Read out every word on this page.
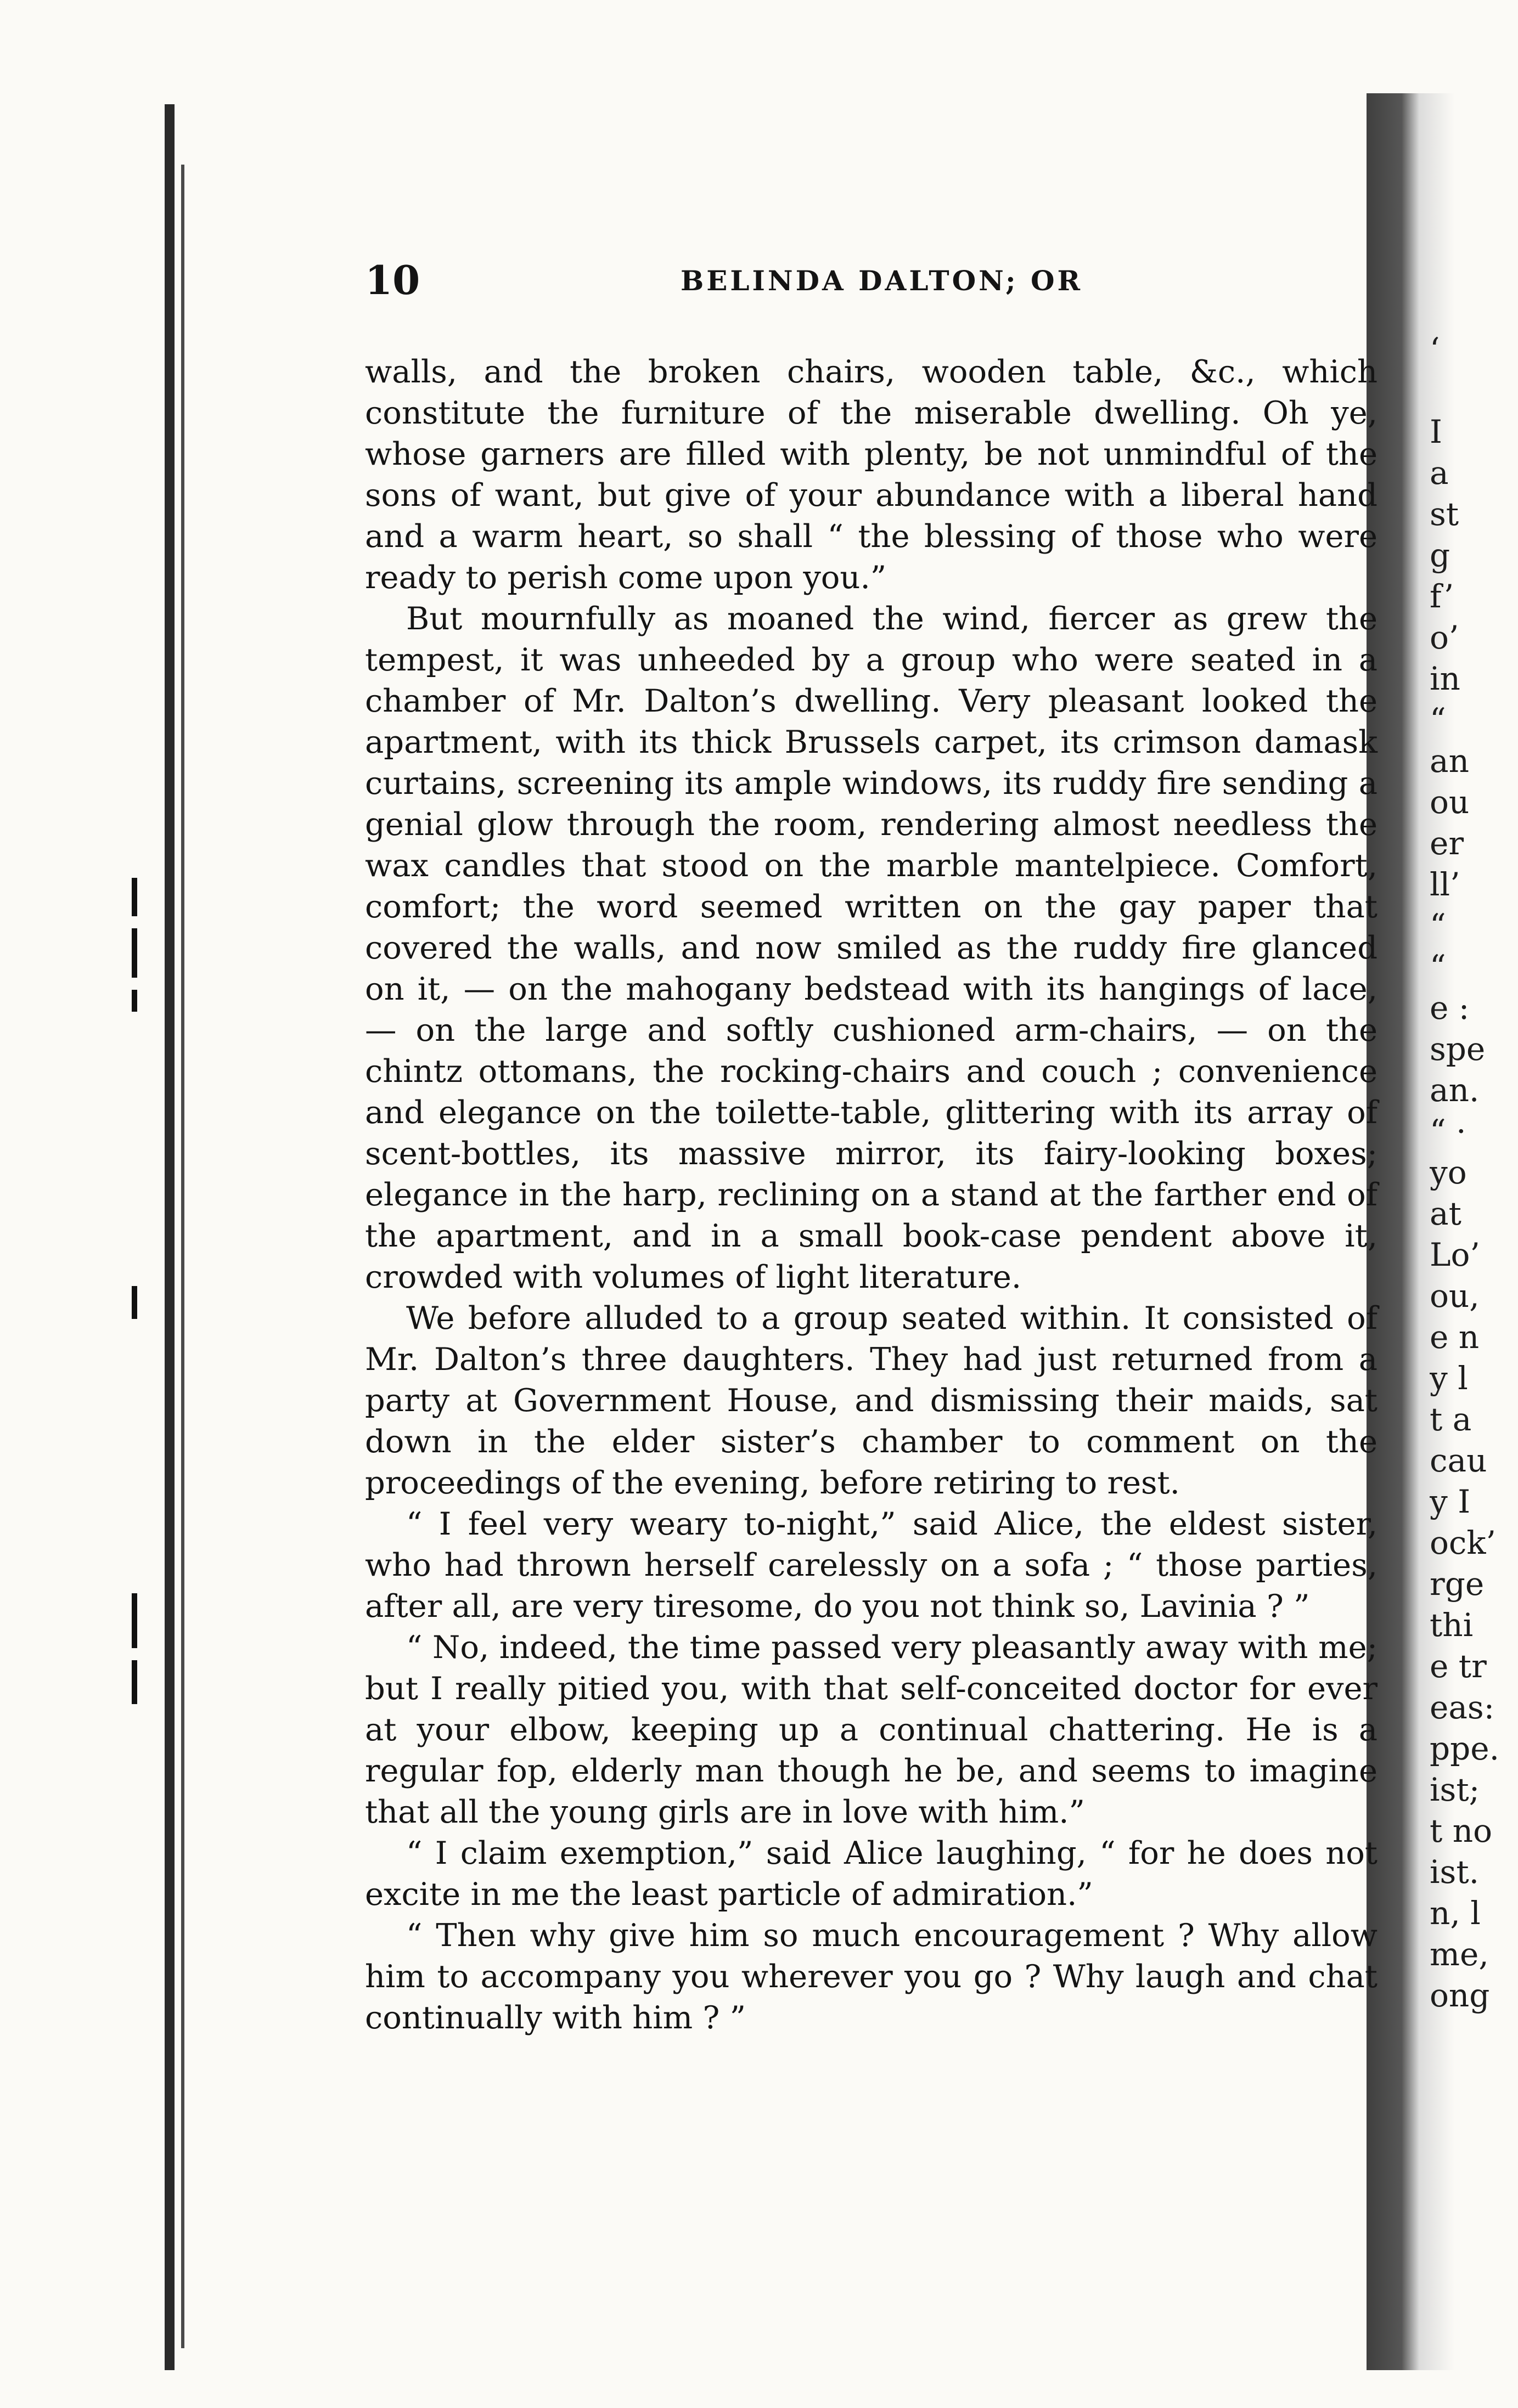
‘

I
a
st
g
f’
o’
in
“
an
ou
er
ll’
“
“
e :
spe
an.
“ ·
yo
at
Lo’
ou,
e n
y l
t a
cau
y I
ock’
rge
thi
e tr
eas:
ppe.
ist;
t no
ist.
n, l
me,
ong
10	BELINDA DALTON; OR

walls, and the broken chairs, wooden table, &c., which constitute the furniture of the miserable dwelling. Oh ye, whose garners are filled with plenty, be not unmindful of the sons of want, but give of your abundance with a liberal hand and a warm heart, so shall “ the blessing of those who were ready to perish come upon you.”

But mournfully as moaned the wind, fiercer as grew the tempest, it was unheeded by a group who were seated in a chamber of Mr. Dalton’s dwelling. Very pleasant looked the apartment, with its thick Brussels carpet, its crimson damask curtains, screening its ample windows, its ruddy fire sending a genial glow through the room, rendering almost needless the wax candles that stood on the marble mantelpiece. Comfort, comfort; the word seemed written on the gay paper that covered the walls, and now smiled as the ruddy fire glanced on it, — on the mahogany bedstead with its hangings of lace, — on the large and softly cushioned arm-chairs, — on the chintz ottomans, the rocking-chairs and couch ; convenience and elegance on the toilette-table, glittering with its array of scent-bottles, its massive mirror, its fairy-looking boxes; elegance in the harp, reclining on a stand at the farther end of the apartment, and in a small book-case pendent above it, crowded with volumes of light literature.

We before alluded to a group seated within. It consisted of Mr. Dalton’s three daughters. They had just returned from a party at Government House, and dismissing their maids, sat down in the elder sister’s chamber to comment on the proceedings of the evening, before retiring to rest.

“ I feel very weary to-night,” said Alice, the eldest sister, who had thrown herself carelessly on a sofa ; “ those parties, after all, are very tiresome, do you not think so, Lavinia ? ”

“ No, indeed, the time passed very pleasantly away with me; but I really pitied you, with that self-conceited doctor for ever at your elbow, keeping up a continual chattering. He is a regular fop, elderly man though he be, and seems to imagine that all the young girls are in love with him.”

“ I claim exemption,” said Alice laughing, “ for he does not excite in me the least particle of admiration.”

“ Then why give him so much encouragement ? Why allow him to accompany you wherever you go ? Why laugh and chat continually with him ? ”
